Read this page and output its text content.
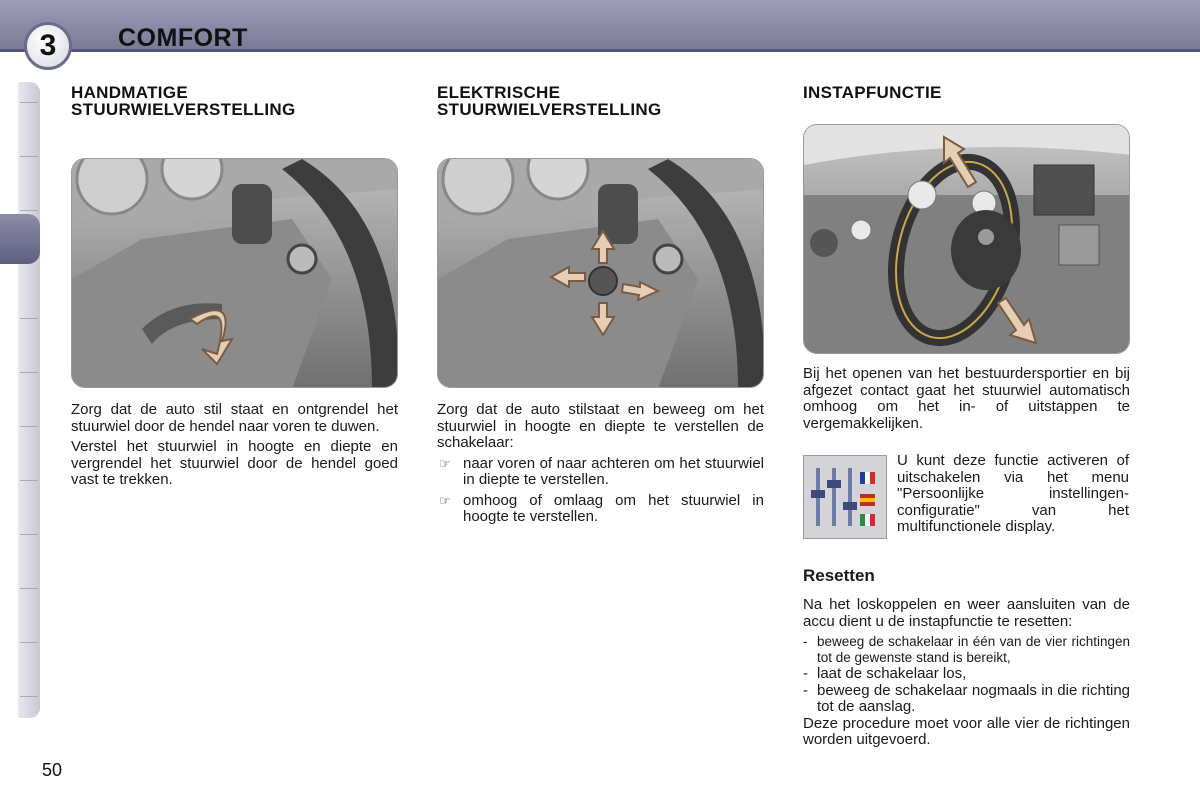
3 COMFORT
HANDMATIGE
STUURWIELVERSTELLING

Zorg dat de auto stil staat en ontgrendel het stuurwiel door de hendel naar voren te duwen.

Verstel het stuurwiel in hoogte en diepte en vergrendel het stuurwiel door de hendel goed vast te trekken.

ELEKTRISCHE
STUURWIELVERSTELLING

Zorg dat de auto stilstaat en beweeg om het stuurwiel in hoogte en diepte te verstellen de schakelaar:

☞ naar voren of naar achteren om het stuurwiel in diepte te verstellen.
☞ omhoog of omlaag om het stuurwiel in hoogte te verstellen.
INSTAPFUNCTIE

Bij het openen van het bestuurdersportier en bij afgezet contact gaat het stuurwiel automatisch omhoog om het in- of uitstappen te vergemakkelijken.

U kunt deze functie activeren of uitschakelen via het menu "Persoonlijke instellingen-configuratie" van het multifunctionele display.

Resetten

Na het loskoppelen en weer aansluiten van de accu dient u de instapfunctie te resetten:

- beweeg de schakelaar in één van de vier richtingen tot de gewenste stand is bereikt,
- laat de schakelaar los,
- beweeg de schakelaar nogmaals in die richting tot de aanslag.

Deze procedure moet voor alle vier de richtingen worden uitgevoerd.

50
